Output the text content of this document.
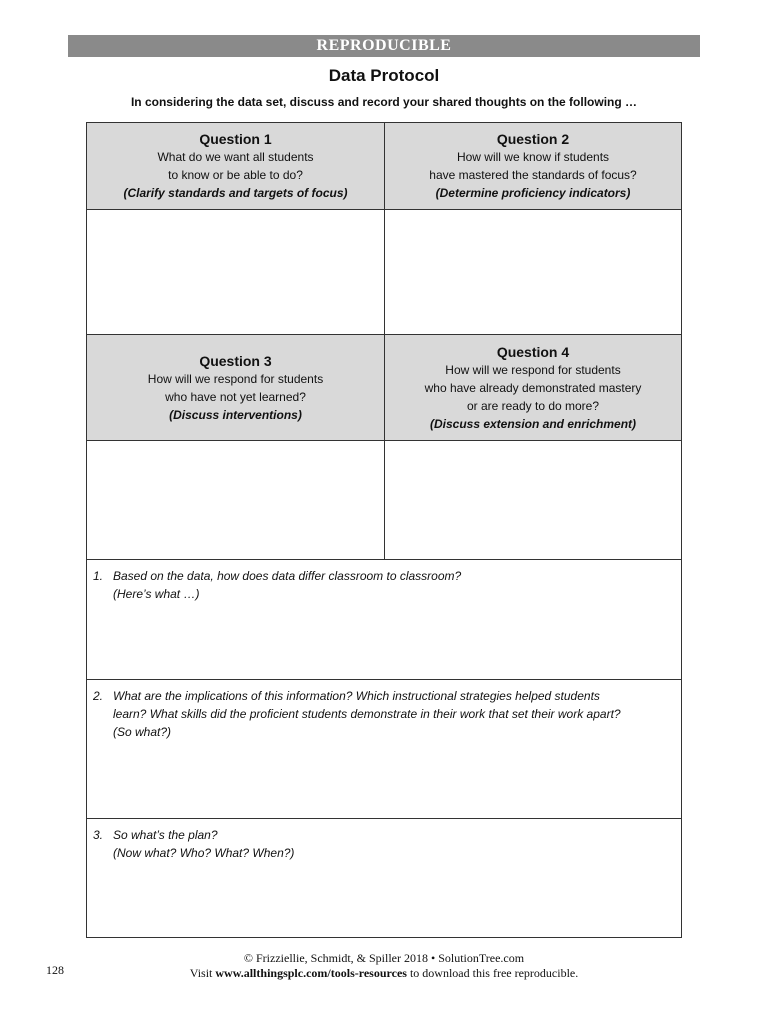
REPRODUCIBLE
Data Protocol
In considering the data set, discuss and record your shared thoughts on the following …
Question 1
What do we want all students
to know or be able to do?
(Clarify standards and targets of focus)
Question 2
How will we know if students
have mastered the standards of focus?
(Determine proficiency indicators)
Question 3
How will we respond for students
who have not yet learned?
(Discuss interventions)
Question 4
How will we respond for students
who have already demonstrated mastery
or are ready to do more?
(Discuss extension and enrichment)
1. Based on the data, how does data differ classroom to classroom?
(Here’s what …)
2. What are the implications of this information? Which instructional strategies helped students
learn? What skills did the proficient students demonstrate in their work that set their work apart?
(So what?)
3. So what’s the plan?
(Now what? Who? What? When?)
© Frizziellie, Schmidt, & Spiller 2018 • SolutionTree.com
Visit www.allthingsplc.com/tools-resources to download this free reproducible.
128
